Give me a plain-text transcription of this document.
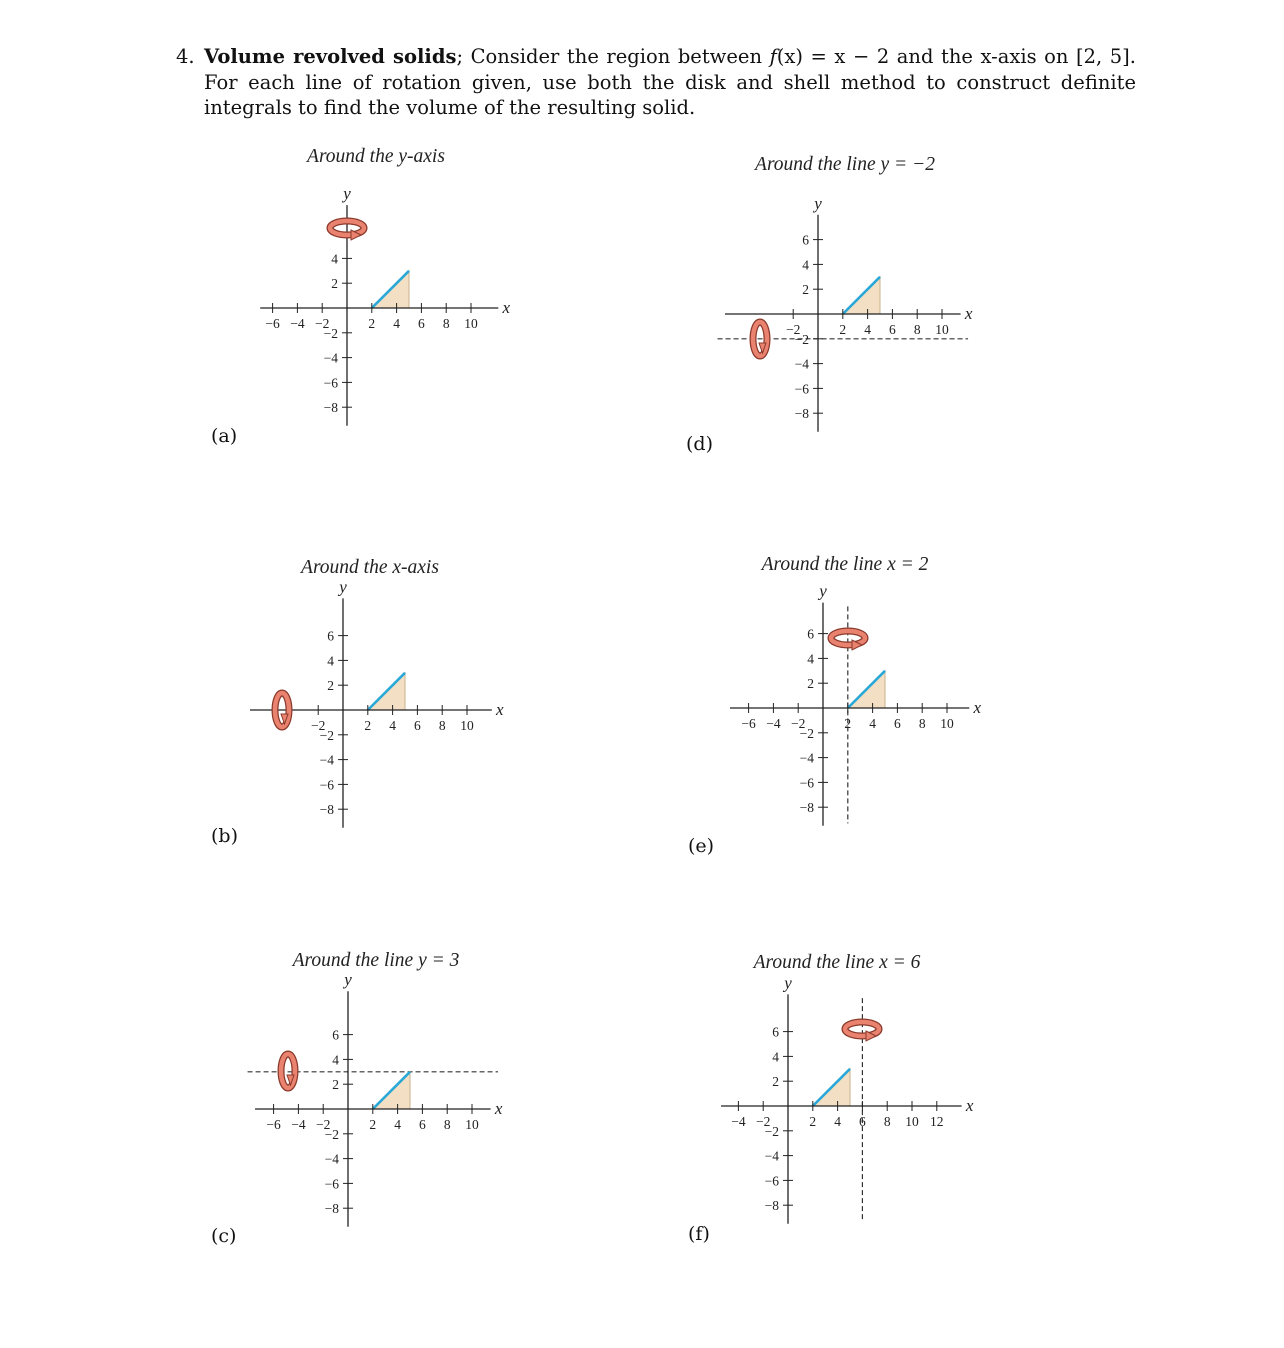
4. Volume revolved solids; Consider the region between f(x) = x − 2 and the x-axis on [2, 5]. For each line of rotation given, use both the disk and shell method to construct definite integrals to find the volume of the resulting solid.
(a)	(d)
(b)	(e)
(c)	(f)
Around the y-axis
x
y
−6 −4 −2	2 4 6 8 10
4
2
−2
−4
−6
−8
Around the line y = −2
x
y
−2	2 4 6 8 10
6
4
2
−2
−4
−6
−8
Around the x-axis
x
y
−2	2 4 6 8 10
6
4
2
−2
−4
−6
−8
Around the line x = 2
x
y
−6 −4 −2	2 4 6 8 10
6
4
2
−2
−4
−6
−8
Around the line y = 3
x
y
−6 −4 −2	2 4 6 8 10
6
4
2
−2
−4
−6
−8
Around the line x = 6
x
y
−4 −2	2 4 6 8 10 12
6
4
2
−2
−4
−6
−8
